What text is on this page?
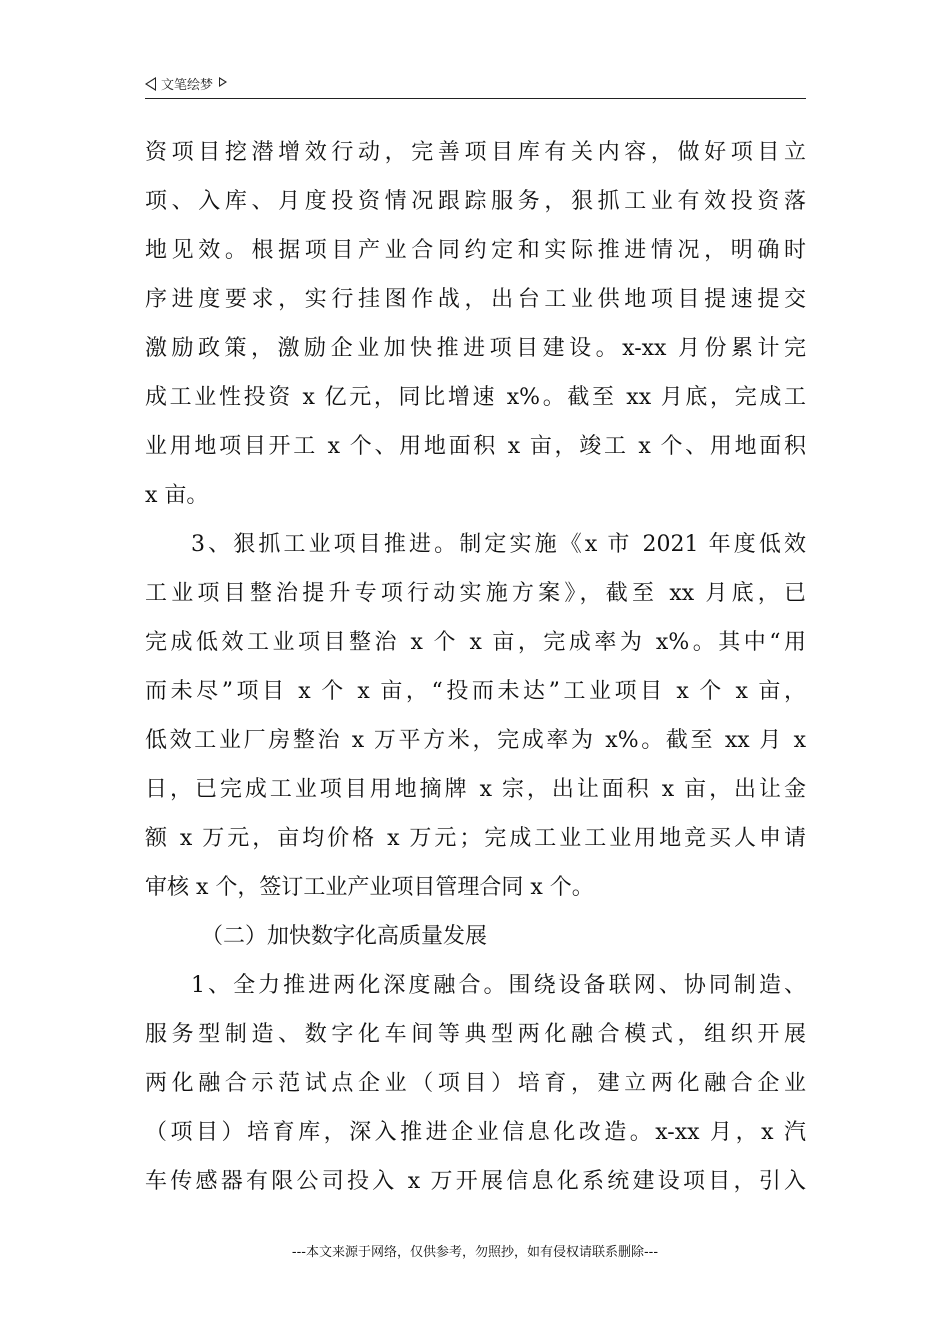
文笔绘梦
资项目挖潜增效行动，完善项目库有关内容，做好项目立
项、入库、月度投资情况跟踪服务，狠抓工业有效投资落
地见效。根据项目产业合同约定和实际推进情况，明确时
序进度要求，实行挂图作战，出台工业供地项目提速提交
激励政策，激励企业加快推进项目建设。x-xx 月份累计完
成工业性投资 x 亿元，同比增速 x%。截至 xx 月底，完成工
业用地项目开工 x 个、用地面积 x 亩，竣工 x 个、用地面积
x 亩。
3、狠抓工业项目推进。制定实施《x 市 2021 年度低效
工业项目整治提升专项行动实施方案》，截至 xx 月底，已
完成低效工业项目整治 x 个 x 亩，完成率为 x%。其中“用
而未尽”项目 x 个 x 亩，“投而未达”工业项目 x 个 x 亩，
低效工业厂房整治 x 万平方米，完成率为 x%。截至 xx 月 x
日，已完成工业项目用地摘牌 x 宗，出让面积 x 亩，出让金
额 x 万元，亩均价格 x 万元；完成工业工业用地竞买人申请
审核 x 个，签订工业产业项目管理合同 x 个。
（二）加快数字化高质量发展
1、全力推进两化深度融合。围绕设备联网、协同制造、
服务型制造、数字化车间等典型两化融合模式，组织开展
两化融合示范试点企业（项目）培育，建立两化融合企业
（项目）培育库，深入推进企业信息化改造。x-xx 月，x 汽
车传感器有限公司投入 x 万开展信息化系统建设项目，引入
---本文来源于网络，仅供参考，勿照抄，如有侵权请联系删除---
